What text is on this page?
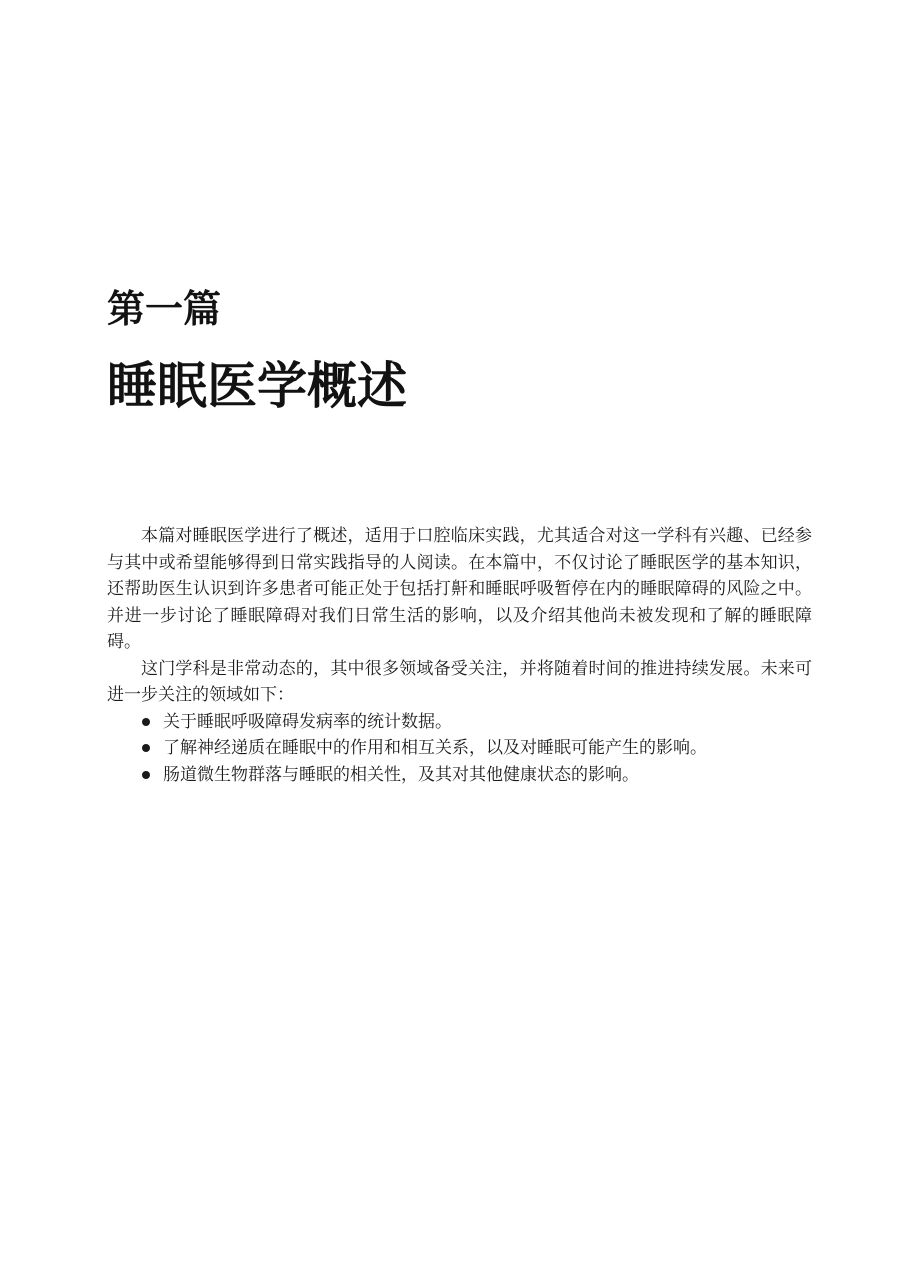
第一篇
睡眠医学概述

本篇对睡眠医学进行了概述，适用于口腔临床实践，尤其适合对这一学科有兴趣、已经参与其中或希望能够得到日常实践指导的人阅读。在本篇中，不仅讨论了睡眠医学的基本知识，还帮助医生认识到许多患者可能正处于包括打鼾和睡眠呼吸暂停在内的睡眠障碍的风险之中。并进一步讨论了睡眠障碍对我们日常生活的影响，以及介绍其他尚未被发现和了解的睡眠障碍。

这门学科是非常动态的，其中很多领域备受关注，并将随着时间的推进持续发展。未来可进一步关注的领域如下：

关于睡眠呼吸障碍发病率的统计数据。
了解神经递质在睡眠中的作用和相互关系，以及对睡眠可能产生的影响。
肠道微生物群落与睡眠的相关性，及其对其他健康状态的影响。
